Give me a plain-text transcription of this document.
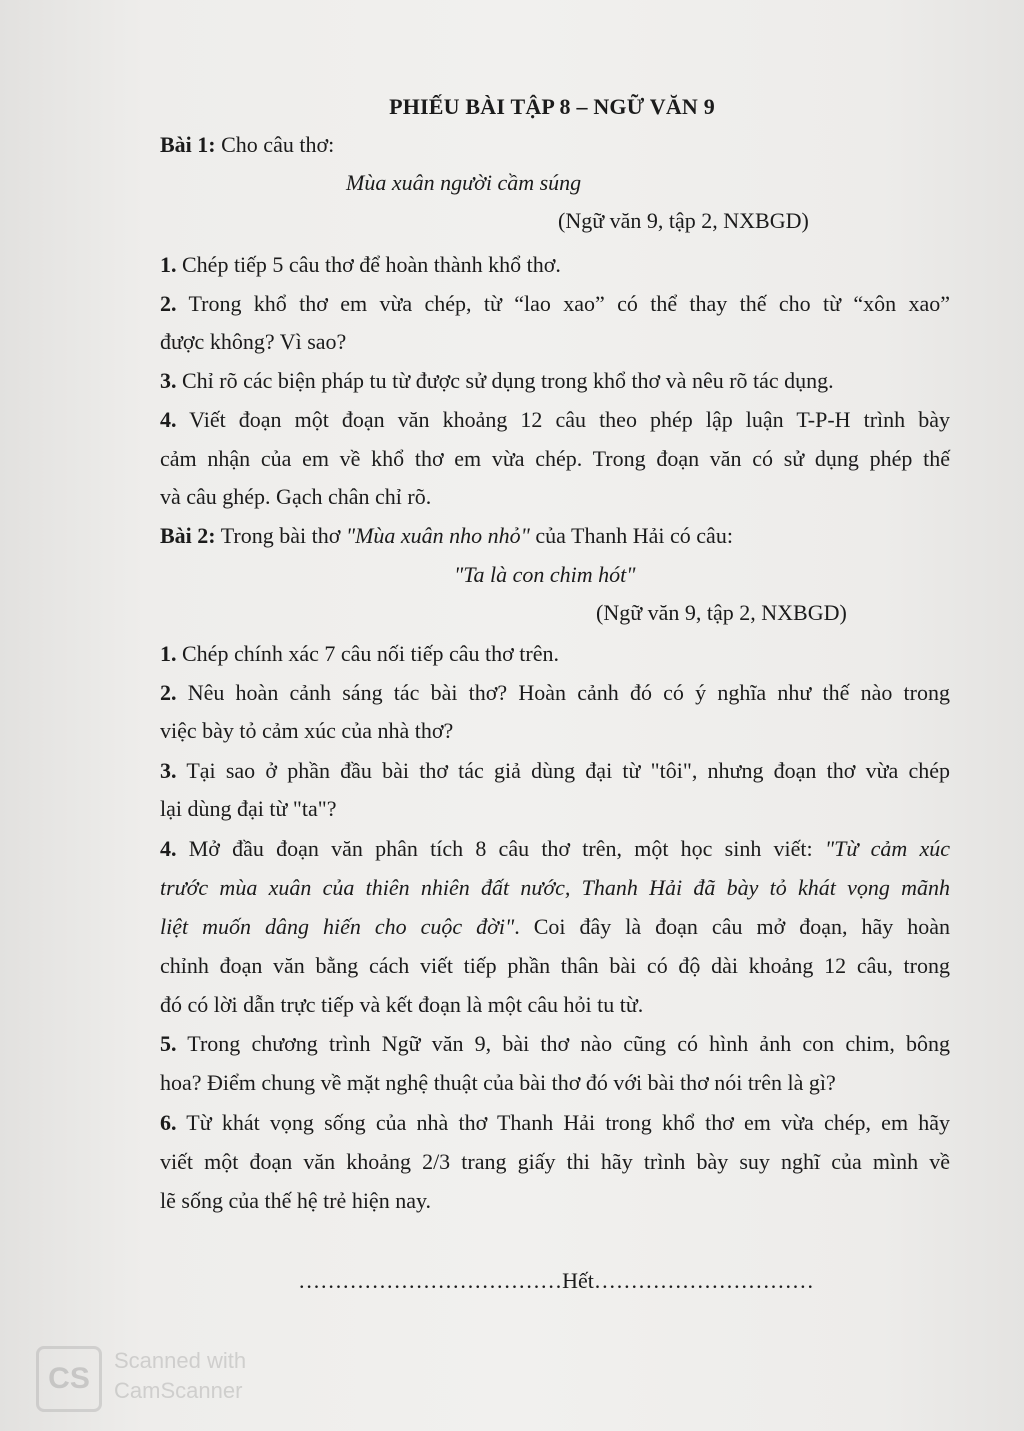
PHIẾU BÀI TẬP 8 – NGỮ VĂN 9
Bài 1: Cho câu thơ:
Mùa xuân người cầm súng
(Ngữ văn 9, tập 2, NXBGD)
1. Chép tiếp 5 câu thơ để hoàn thành khổ thơ.
2. Trong khổ thơ em vừa chép, từ “lao xao” có thể thay thế cho từ “xôn xao”
được không? Vì sao?
3. Chỉ rõ các biện pháp tu từ được sử dụng trong khổ thơ và nêu rõ tác dụng.
4. Viết đoạn một đoạn văn khoảng 12 câu theo phép lập luận T-P-H trình bày
cảm nhận của em về khổ thơ em vừa chép. Trong đoạn văn có sử dụng phép thế
và câu ghép. Gạch chân chỉ rõ.
Bài 2: Trong bài thơ "Mùa xuân nho nhỏ" của Thanh Hải có câu:
"Ta là con chim hót"
(Ngữ văn 9, tập 2, NXBGD)
1. Chép chính xác 7 câu nối tiếp câu thơ trên.
2. Nêu hoàn cảnh sáng tác bài thơ? Hoàn cảnh đó có ý nghĩa như thế nào trong
việc bày tỏ cảm xúc của nhà thơ?
3. Tại sao ở phần đầu bài thơ tác giả dùng đại từ "tôi", nhưng đoạn thơ vừa chép
lại dùng đại từ "ta"?
4. Mở đầu đoạn văn phân tích 8 câu thơ trên, một học sinh viết: "Từ cảm xúc
trước mùa xuân của thiên nhiên đất nước, Thanh Hải đã bày tỏ khát vọng mãnh
liệt muốn dâng hiến cho cuộc đời". Coi đây là đoạn câu mở đoạn, hãy hoàn
chỉnh đoạn văn bằng cách viết tiếp phần thân bài có độ dài khoảng 12 câu, trong
đó có lời dẫn trực tiếp và kết đoạn là một câu hỏi tu từ.
5. Trong chương trình Ngữ văn 9, bài thơ nào cũng có hình ảnh con chim, bông
hoa? Điểm chung về mặt nghệ thuật của bài thơ đó với bài thơ nói trên là gì?
6. Từ khát vọng sống của nhà thơ Thanh Hải trong khổ thơ em vừa chép, em hãy
viết một đoạn văn khoảng 2/3 trang giấy thi hãy trình bày suy nghĩ của mình về
lẽ sống của thế hệ trẻ hiện nay.
………………………………Hết…………………………
CS
Scanned with
CamScanner
